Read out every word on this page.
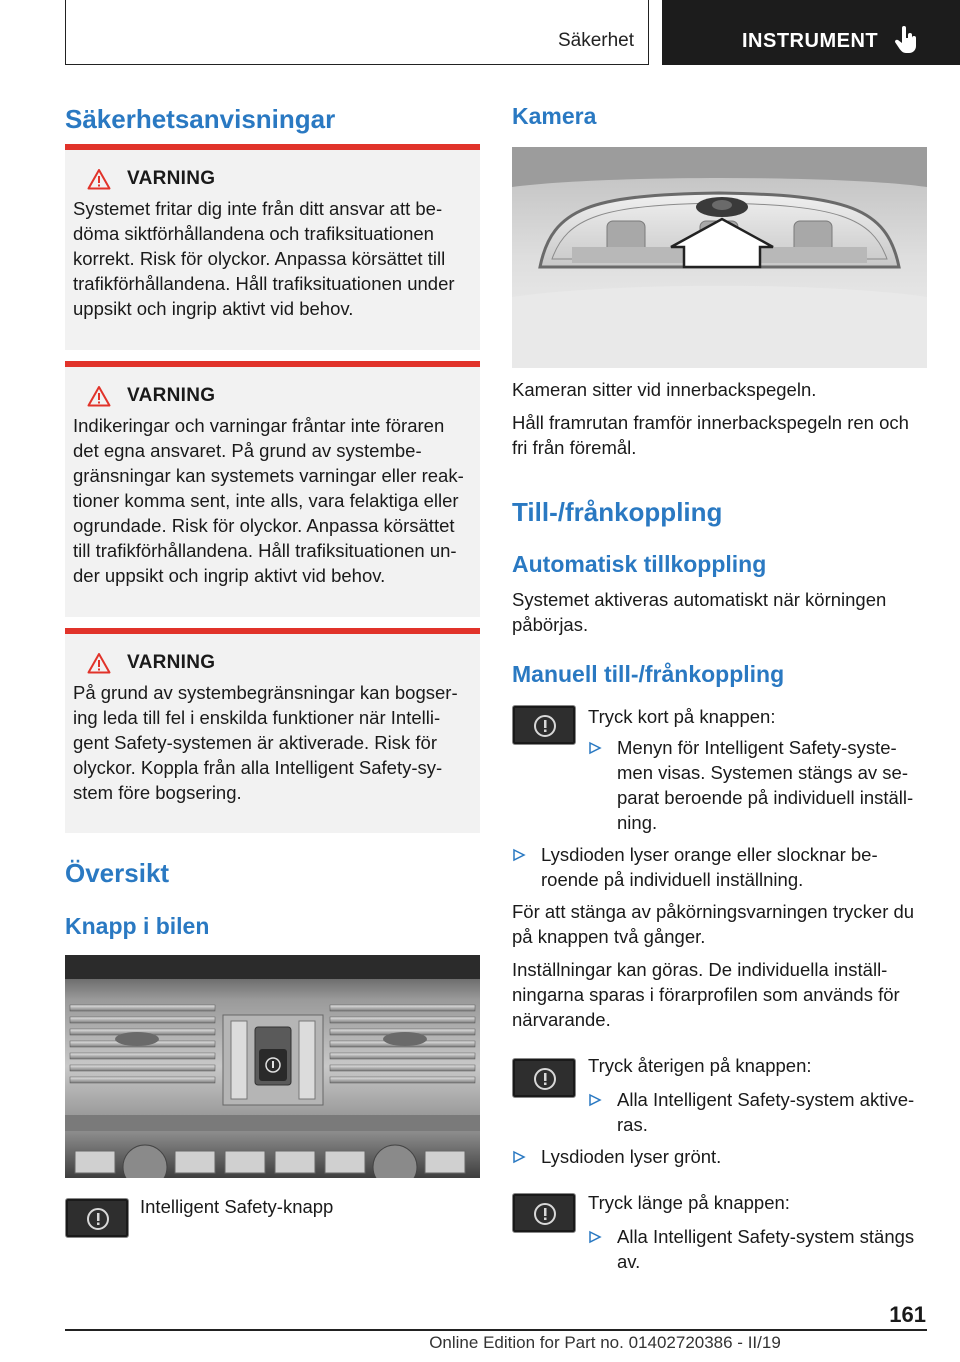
Säkerhet	INSTRUMENT
Säkerhetsanvisningar
VARNING
Systemet fritar dig inte från ditt ansvar att be-
döma siktförhållandena och trafiksituationen
korrekt. Risk för olyckor. Anpassa körsättet till
trafikförhållandena. Håll trafiksituationen under
uppsikt och ingrip aktivt vid behov.
VARNING
Indikeringar och varningar fråntar inte föraren
det egna ansvaret. På grund av systembe-
gränsningar kan systemets varningar eller reak-
tioner komma sent, inte alls, vara felaktiga eller
ogrundade. Risk för olyckor. Anpassa körsättet
till trafikförhållandena. Håll trafiksituationen un-
der uppsikt och ingrip aktivt vid behov.
VARNING
På grund av systembegränsningar kan bogser-
ing leda till fel i enskilda funktioner när Intelli-
gent Safety-systemen är aktiverade. Risk för
olyckor. Koppla från alla Intelligent Safety-sy-
stem före bogsering.
Översikt
Knapp i bilen
Intelligent Safety-knapp
Kamera
Kameran sitter vid innerbackspegeln.
Håll framrutan framför innerbackspegeln ren och
fri från föremål.
Till-/frånkoppling
Automatisk tillkoppling
Systemet aktiveras automatiskt när körningen
påbörjas.
Manuell till-/frånkoppling
Tryck kort på knappen:
Menyn för Intelligent Safety-syste-
men visas. Systemen stängs av se-
parat beroende på individuell inställ-
ning.
Lysdioden lyser orange eller slocknar be-
roende på individuell inställning.
För att stänga av påkörningsvarningen trycker du
på knappen två gånger.
Inställningar kan göras. De individuella inställ-
ningarna sparas i förarprofilen som används för
närvarande.
Tryck återigen på knappen:
Alla Intelligent Safety-system aktive-
ras.
Lysdioden lyser grönt.
Tryck länge på knappen:
Alla Intelligent Safety-system stängs
av.
161
Online Edition for Part no. 01402720386 - II/19
